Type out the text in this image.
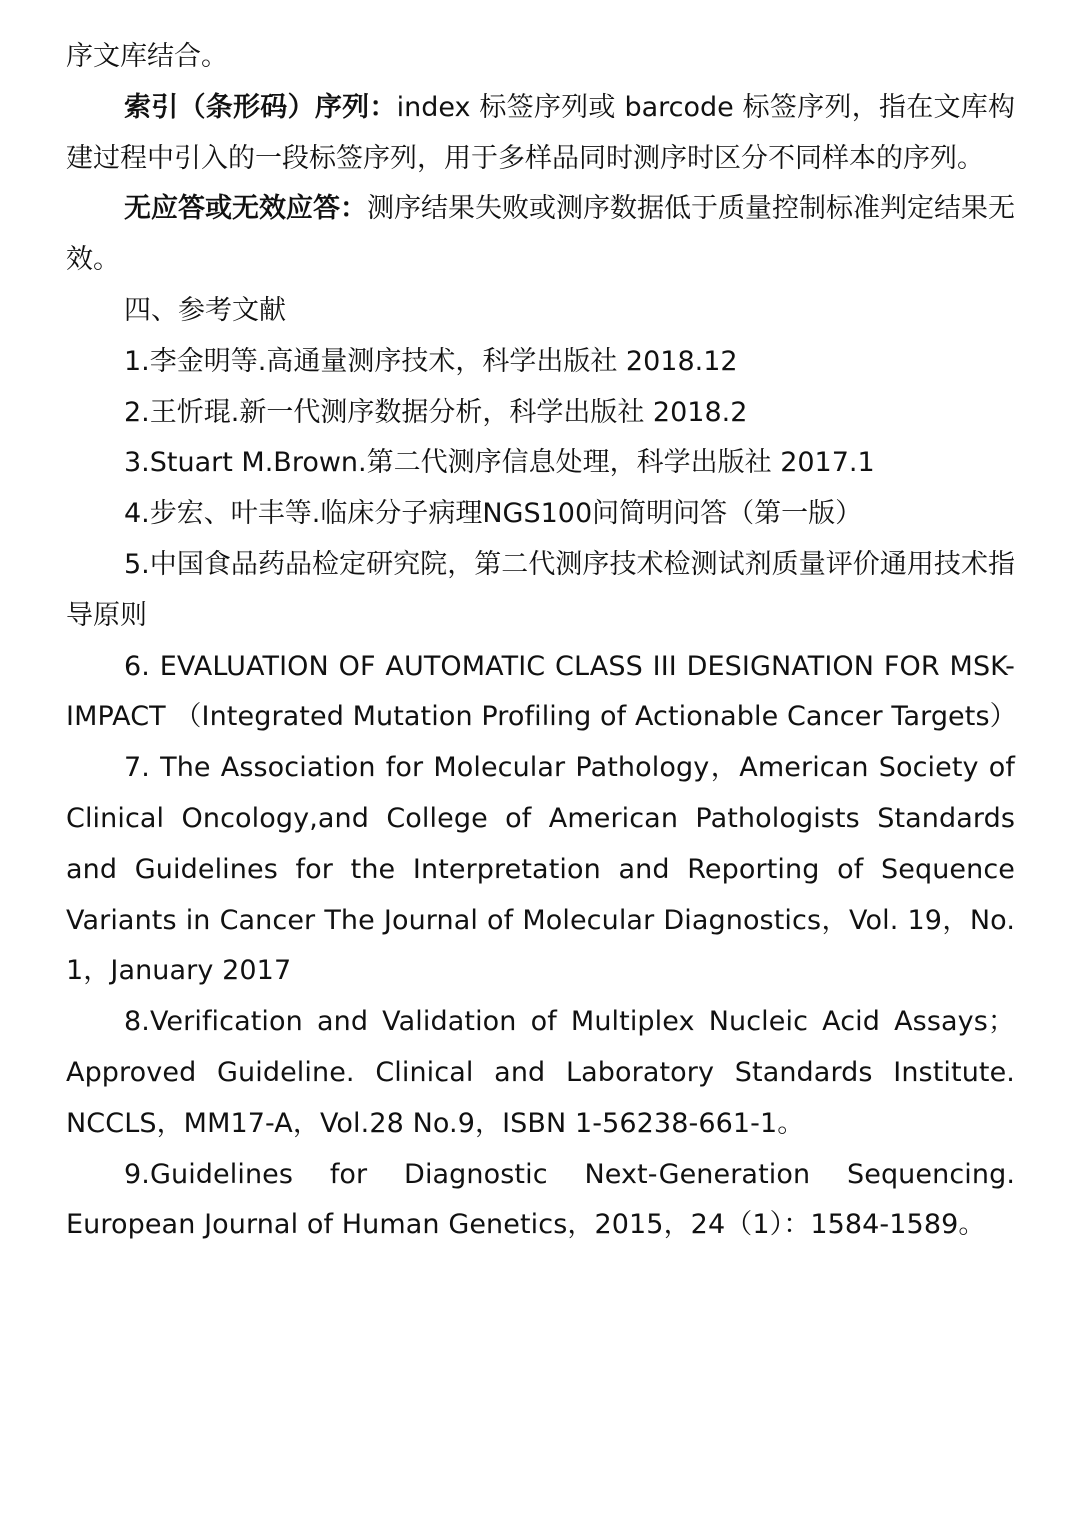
序文库结合。

索引（条形码）序列：index 标签序列或 barcode 标签序列，指在文库构建过程中引入的一段标签序列，用于多样品同时测序时区分不同样本的序列。

无应答或无效应答：测序结果失败或测序数据低于质量控制标准判定结果无效。

四、参考文献

1.李金明等.高通量测序技术，科学出版社 2018.12

2.王忻琨.新一代测序数据分析，科学出版社 2018.2

3.Stuart M.Brown.第二代测序信息处理，科学出版社 2017.1

4.步宏、叶丰等.临床分子病理NGS100问简明问答（第一版）

5.中国食品药品检定研究院，第二代测序技术检测试剂质量评价通用技术指导原则

6. EVALUATION OF AUTOMATIC CLASS III DESIGNATION FOR MSK-IMPACT （Integrated Mutation Profiling of Actionable Cancer Targets）

7. The Association for Molecular Pathology，American Society of Clinical Oncology,and College of American Pathologists Standards and Guidelines for the Interpretation and Reporting of Sequence Variants in Cancer The Journal of Molecular Diagnostics，Vol. 19，No. 1，January 2017

8.Verification and Validation of Multiplex Nucleic Acid Assays；Approved Guideline. Clinical and Laboratory Standards Institute. NCCLS，MM17-A，Vol.28 No.9，ISBN 1-56238-661-1。

9.Guidelines for Diagnostic Next-Generation Sequencing. European Journal of Human Genetics，2015，24（1）：1584-1589。
